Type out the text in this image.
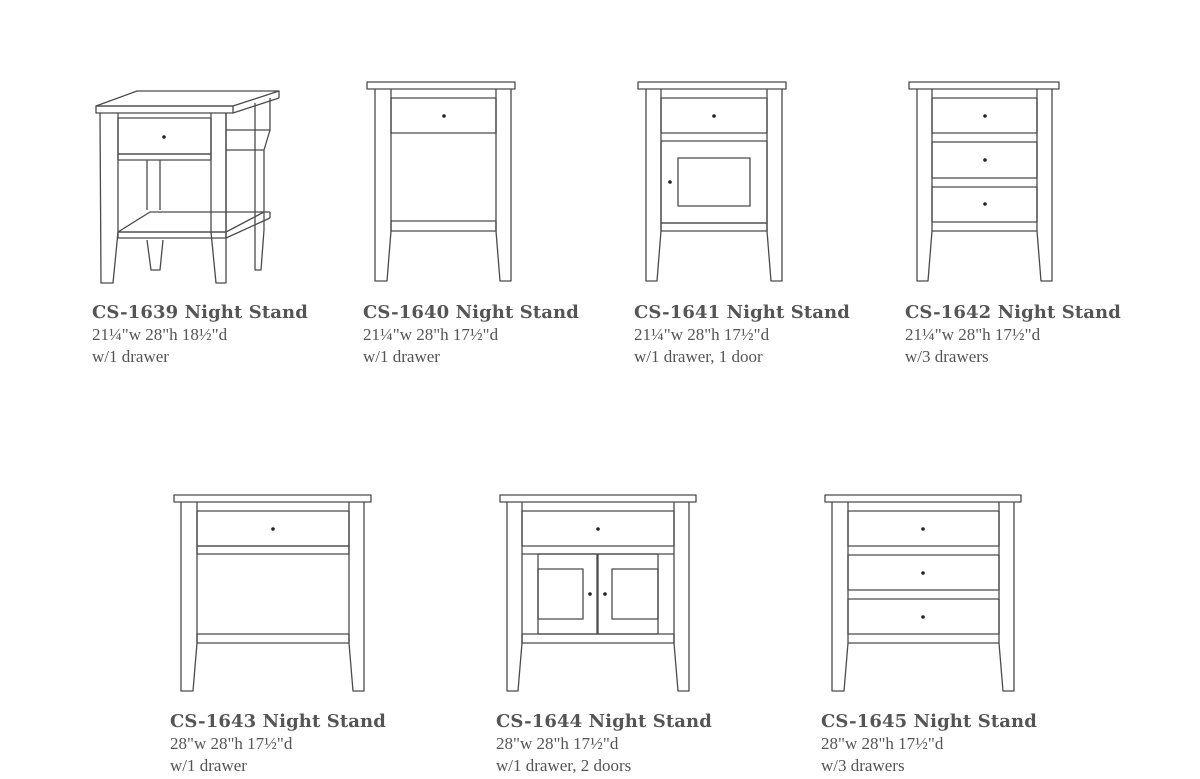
CS-1639 Night Stand
21¼"w 28"h 18½"d
w/1 drawer
CS-1640 Night Stand
21¼"w 28"h 17½"d
w/1 drawer
CS-1641 Night Stand
21¼"w 28"h 17½"d
w/1 drawer, 1 door
CS-1642 Night Stand
21¼"w 28"h 17½"d
w/3 drawers
CS-1643 Night Stand
28"w 28"h 17½"d
w/1 drawer
CS-1644 Night Stand
28"w 28"h 17½"d
w/1 drawer, 2 doors
CS-1645 Night Stand
28"w 28"h 17½"d
w/3 drawers
